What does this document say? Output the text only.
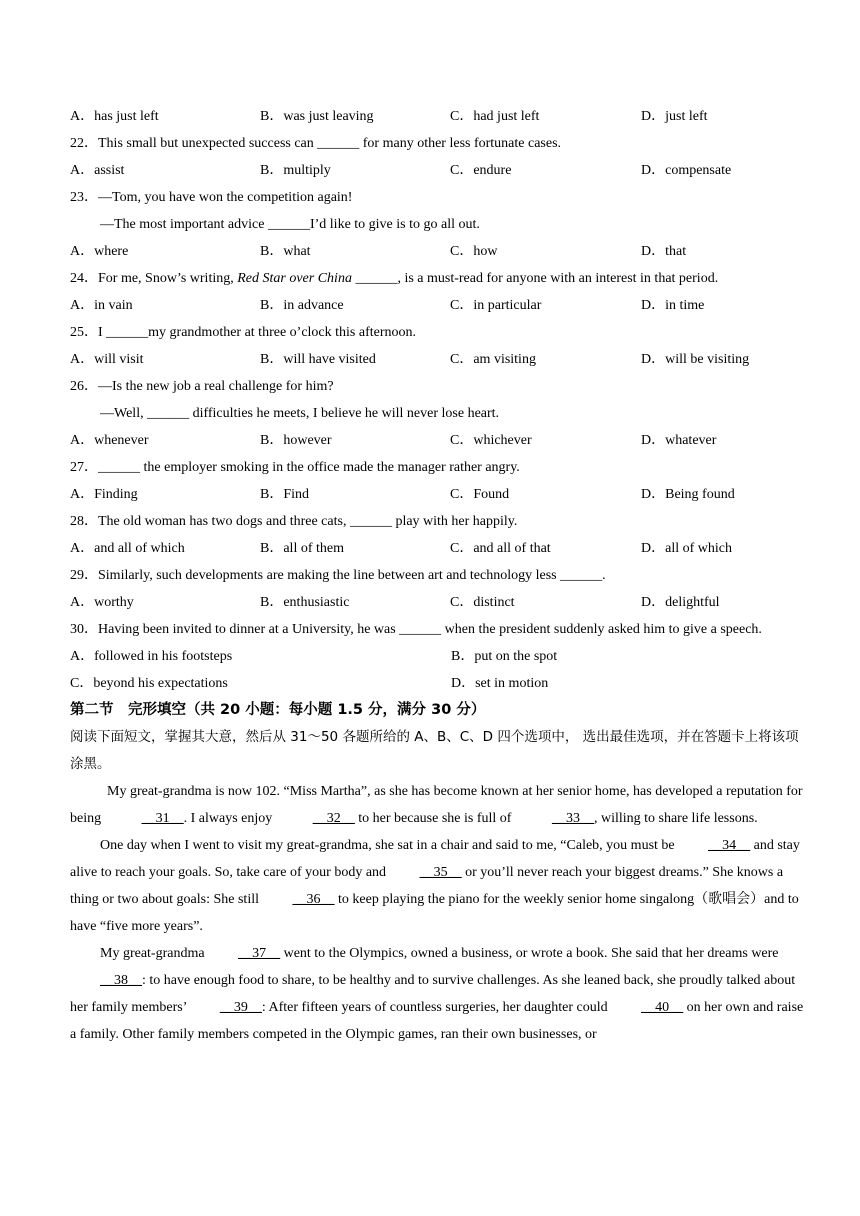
A．has just left	B．was just leaving	C．had just left	D．just left
22．This small but unexpected success can ______ for many other less fortunate cases.
A．assist	B．multiply	C．endure	D．compensate
23．—Tom, you have won the competition again!
—The most important advice ______I’d like to give is to go all out.
A．where	B．what	C．how	D．that
24．For me, Snow’s writing, Red Star over China ______, is a must-read for anyone with an interest in that period.
A．in vain	B．in advance	C．in particular	D．in time
25．I ______my grandmother at three o’clock this afternoon.
A．will visit	B．will have visited	C．am visiting	D．will be visiting
26．—Is the new job a real challenge for him?
—Well, ______ difficulties he meets, I believe he will never lose heart.
A．whenever	B．however	C．whichever	D．whatever
27．______ the employer smoking in the office made the manager rather angry.
A．Finding	B．Find	C．Found	D．Being found
28．The old woman has two dogs and three cats, ______ play with her happily.
A．and all of which	B．all of them	C．and all of that	D．all of which
29．Similarly, such developments are making the line between art and technology less ______.
A．worthy	B．enthusiastic	C．distinct	D．delightful

30．Having been invited to dinner at a University, he was ______ when the president suddenly asked him to give a speech.

A．followed in his footsteps	B．put on the spot
C．beyond his expectations	D．set in motion
第二节　完形填空（共 20 小题：每小题 1.5 分，满分 30 分）

阅读下面短文，掌握其大意，然后从 31～50 各题所给的 A、B、C、D 四个选项中， 选出最佳选项，并在答题卡上将该项涂黑。

My great-grandma is now 102. “Miss Martha”, as she has become known at her senior home, has developed a reputation for being	__31__. I always enjoy	__32__ to her because she is full of	__33__, willing to share life lessons.

One day when I went to visit my great-grandma, she sat in a chair and said to me, “Caleb, you must be __34__ and stay alive to reach your goals. So, take care of your body and __35__ or you’ll never reach your biggest dreams.” She knows a thing or two about goals: She still __36__ to keep playing the piano for the weekly senior home singalong（歌唱会）and to have “five more years”.

My great-grandma __37__ went to the Olympics, owned a business, or wrote a book. She said that her dreams were __38__: to have enough food to share, to be healthy and to survive challenges. As she leaned back, she proudly talked about her family members’ __39__: After fifteen years of countless surgeries, her daughter could __40__ on her own and raise a family. Other family members competed in the Olympic games, ran their own businesses, or
